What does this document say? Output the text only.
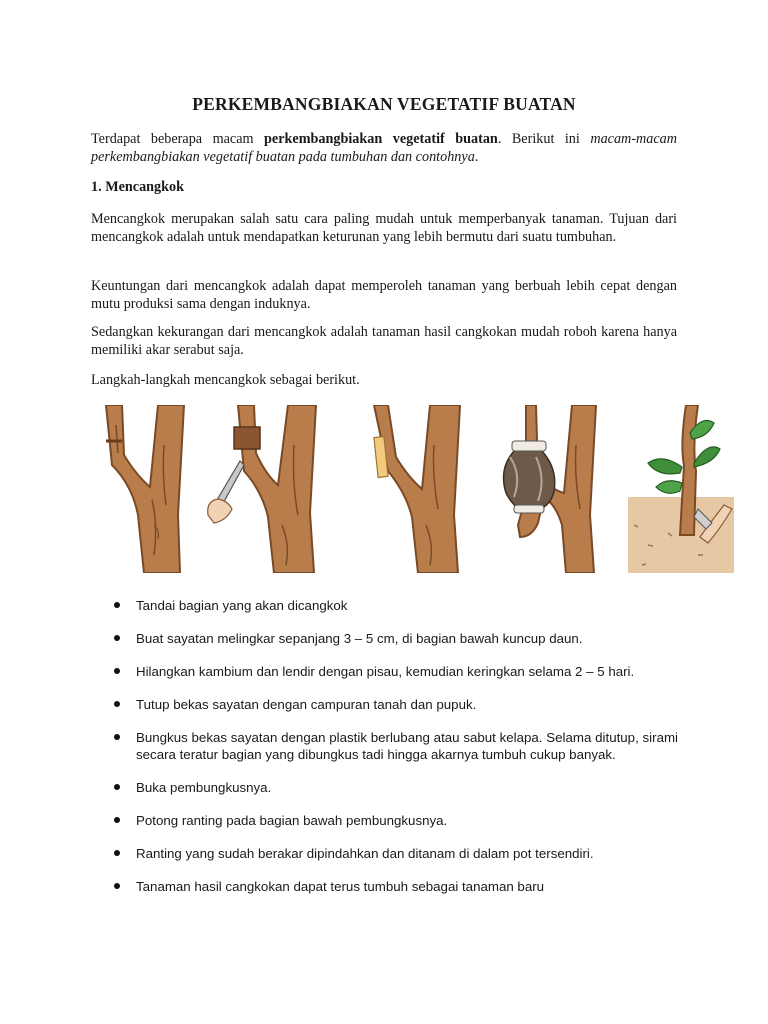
PERKEMBANGBIAKAN VEGETATIF BUATAN

Terdapat beberapa macam perkembangbiakan vegetatif buatan. Berikut ini macam-macam perkembangbiakan vegetatif buatan pada tumbuhan dan contohnya.

1. Mencangkok

Mencangkok merupakan salah satu cara paling mudah untuk memperbanyak tanaman. Tujuan dari mencangkok adalah untuk mendapatkan keturunan yang lebih bermutu dari suatu tumbuhan.

Keuntungan dari mencangkok adalah dapat memperoleh tanaman yang berbuah lebih cepat dengan mutu produksi sama dengan induknya.

Sedangkan kekurangan dari mencangkok adalah tanaman hasil cangkokan mudah roboh karena hanya memiliki akar serabut saja.

Langkah-langkah mencangkok sebagai berikut.

Tandai bagian yang akan dicangkok
Buat sayatan melingkar sepanjang 3 – 5 cm, di bagian bawah kuncup daun.
Hilangkan kambium dan lendir dengan pisau, kemudian keringkan selama 2 – 5 hari.
Tutup bekas sayatan dengan campuran tanah dan pupuk.
Bungkus bekas sayatan dengan plastik berlubang atau sabut kelapa. Selama ditutup, sirami secara teratur bagian yang dibungkus tadi hingga akarnya tumbuh cukup banyak.
Buka pembungkusnya.
Potong ranting pada bagian bawah pembungkusnya.
Ranting yang sudah berakar dipindahkan dan ditanam di dalam pot tersendiri.
Tanaman hasil cangkokan dapat terus tumbuh sebagai tanaman baru
